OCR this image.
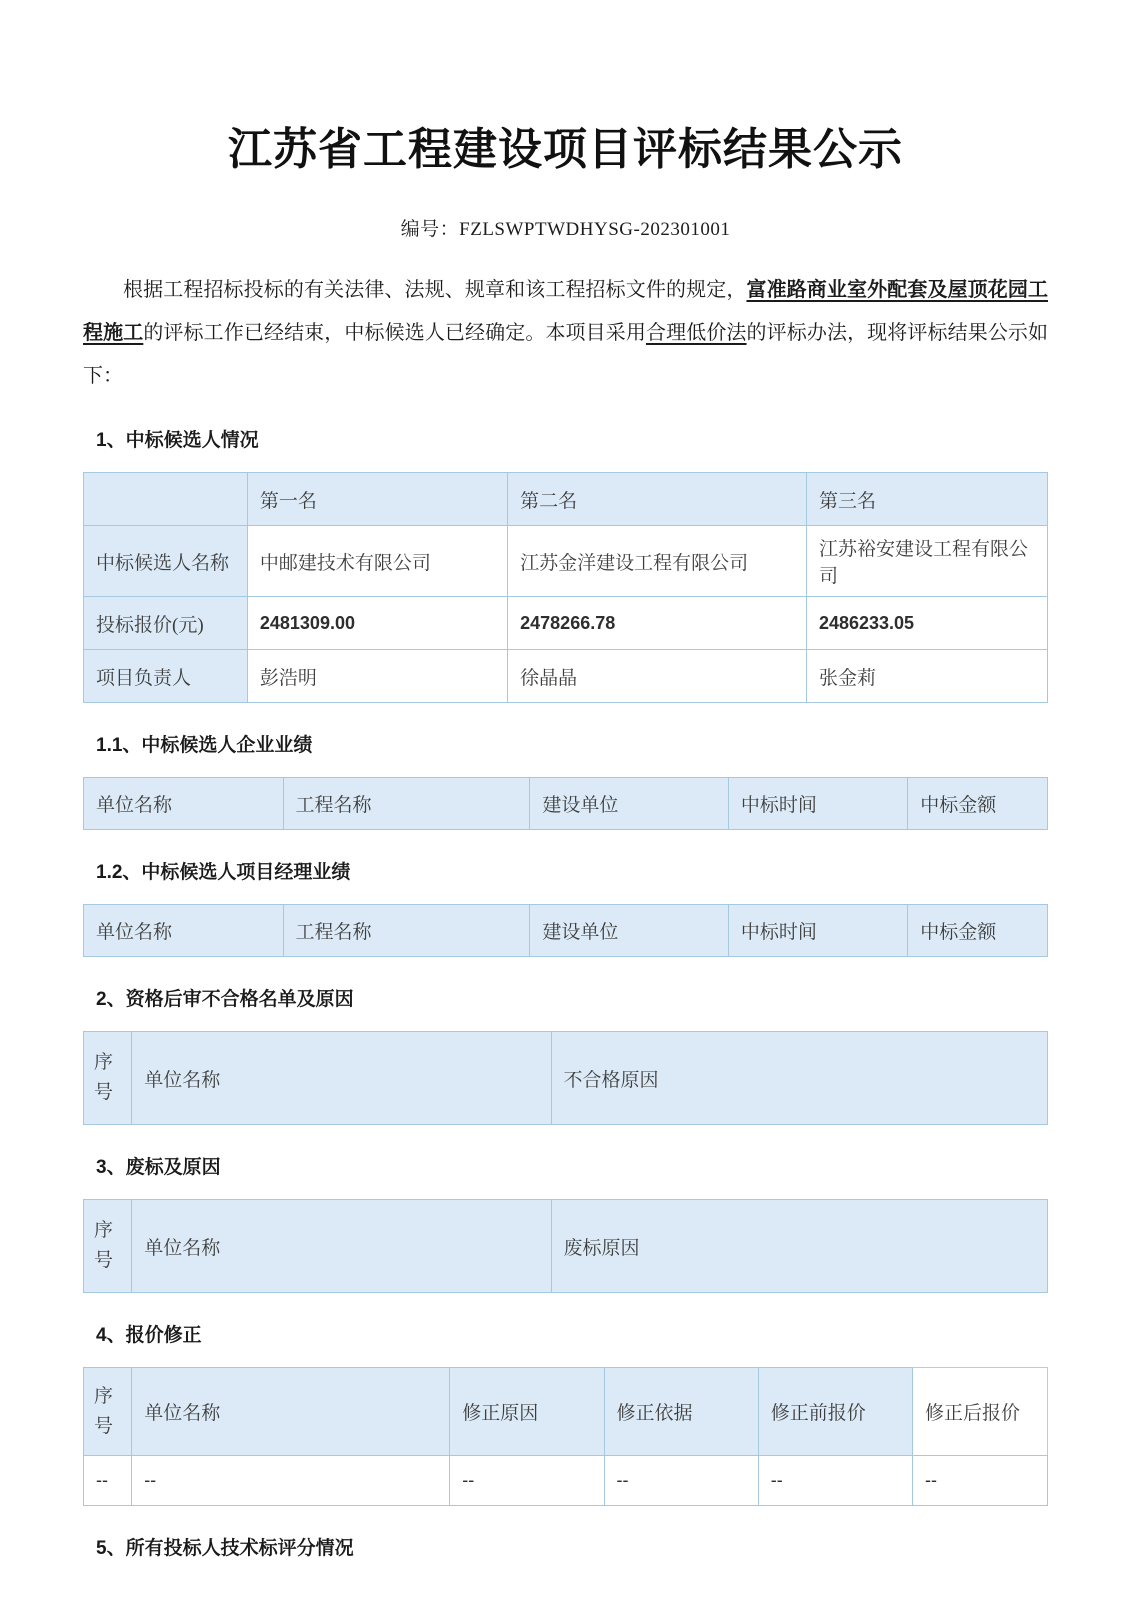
江苏省工程建设项目评标结果公示
编号：FZLSWPTWDHYSG-202301001

根据工程招标投标的有关法律、法规、规章和该工程招标文件的规定，富准路商业室外配套及屋顶花园工程施工的评标工作已经结束，中标候选人已经确定。本项目采用合理低价法的评标办法，现将评标结果公示如下：

1、中标候选人情况
	第一名	第二名	第三名
中标候选人名称	中邮建技术有限公司	江苏金洋建设工程有限公司	江苏裕安建设工程有限公司
投标报价(元)	2481309.00	2478266.78	2486233.05
项目负责人	彭浩明	徐晶晶	张金莉
1.1、中标候选人企业业绩
单位名称	工程名称	建设单位	中标时间	中标金额
1.2、中标候选人项目经理业绩
单位名称	工程名称	建设单位	中标时间	中标金额
2、资格后审不合格名单及原因
序号	单位名称	不合格原因
3、废标及原因
序号	单位名称	废标原因
4、报价修正
序号	单位名称	修正原因	修正依据	修正前报价	修正后报价
--	--	--	--	--	--
5、所有投标人技术标评分情况
